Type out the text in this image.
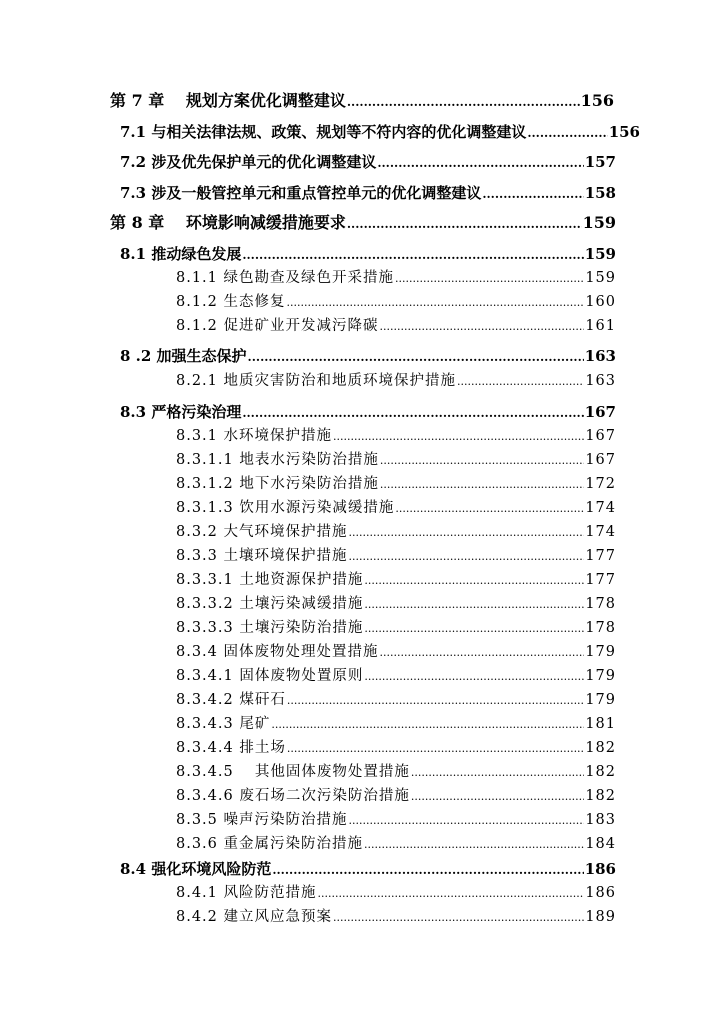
第 7 章　 规划方案优化调整建议 .....	156
7.1 与相关法律法规、政策、规划等不符内容的优化调整建议 .....	156
7.2 涉及优先保护单元的优化调整建议 .....	157
7.3 涉及一般管控单元和重点管控单元的优化调整建议 .....	158
第 8 章　 环境影响减缓措施要求 .....	159
8.1 推动绿色发展 .....	159
8.1.1 绿色勘查及绿色开采措施 .....	159
8.1.2 生态修复 .....	160
8.1.2 促进矿业开发减污降碳 .....	161
8 .2 加强生态保护 .....	163
8.2.1 地质灾害防治和地质环境保护措施 .....	163
8.3 严格污染治理 .....	167
8.3.1 水环境保护措施 .....	167
8.3.1.1 地表水污染防治措施 .....	167
8.3.1.2 地下水污染防治措施 .....	172
8.3.1.3 饮用水源污染减缓措施 .....	174
8.3.2 大气环境保护措施 .....	174
8.3.3 土壤环境保护措施 .....	177
8.3.3.1 土地资源保护措施 .....	177
8.3.3.2 土壤污染减缓措施 .....	178
8.3.3.3 土壤污染防治措施 .....	178
8.3.4 固体废物处理处置措施 .....	179
8.3.4.1 固体废物处置原则 .....	179
8.3.4.2 煤矸石 .....	179
8.3.4.3 尾矿 .....	181
8.3.4.4 排土场 .....	182
8.3.4.5　 其他固体废物处置措施 .....	182
8.3.4.6 废石场二次污染防治措施 .....	182
8.3.5 噪声污染防治措施 .....	183
8.3.6 重金属污染防治措施 .....	184
8.4 强化环境风险防范 .....	186
8.4.1 风险防范措施 .....	186
8.4.2 建立风应急预案 .....	189
